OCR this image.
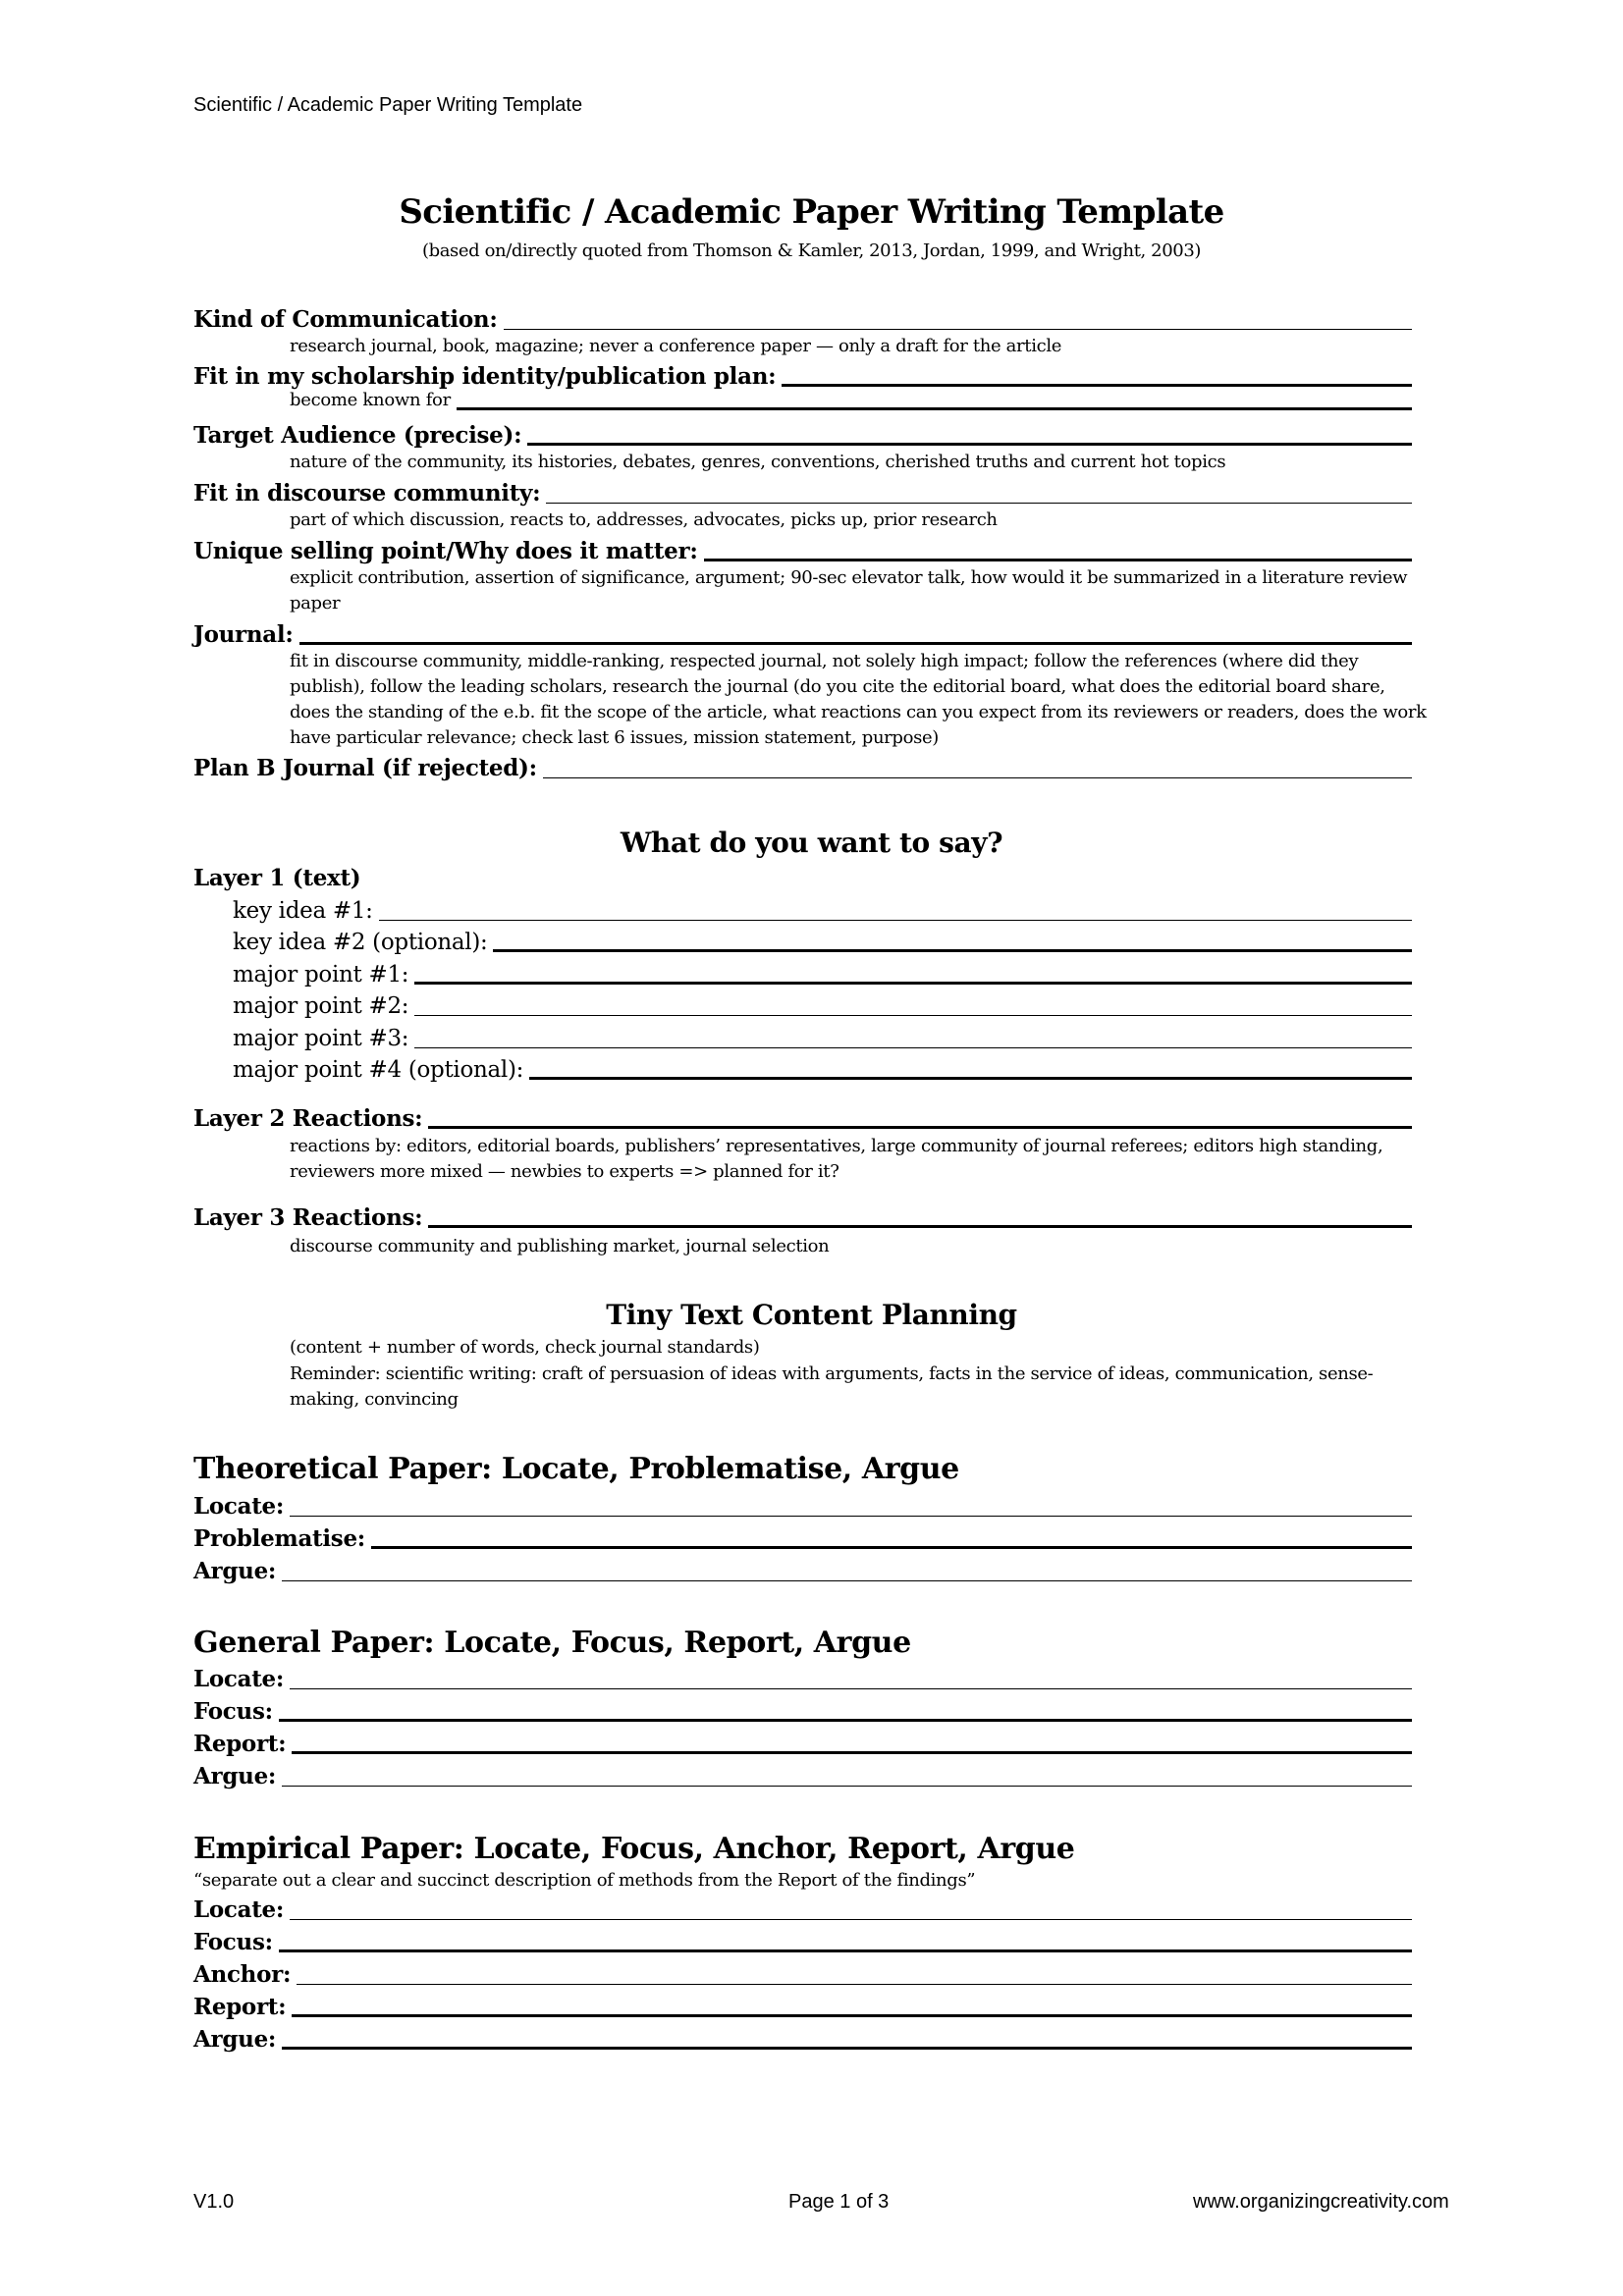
Scientific / Academic Paper Writing Template
Scientific / Academic Paper Writing Template
(based on/directly quoted from Thomson & Kamler, 2013, Jordan, 1999, and Wright, 2003)
Kind of Communication:
research journal, book, magazine; never a conference paper — only a draft for the article
Fit in my scholarship identity/publication plan:
become known for
Target Audience (precise):
nature of the community, its histories, debates, genres, conventions, cherished truths and current hot topics
Fit in discourse community:
part of which discussion, reacts to, addresses, advocates, picks up, prior research
Unique selling point/Why does it matter:
explicit contribution, assertion of significance, argument; 90-sec elevator talk, how would it be summarized in a literature review paper
Journal:
fit in discourse community, middle-ranking, respected journal, not solely high impact; follow the references (where did they publish), follow the leading scholars, research the journal (do you cite the editorial board, what does the editorial board share, does the standing of the e.b. fit the scope of the article, what reactions can you expect from its reviewers or readers, does the work have particular relevance; check last 6 issues, mission statement, purpose)
Plan B Journal (if rejected):
What do you want to say?
Layer 1 (text)
key idea #1:
key idea #2 (optional):
major point #1:
major point #2:
major point #3:
major point #4 (optional):
Layer 2 Reactions:
reactions by: editors, editorial boards, publishers’ representatives, large community of journal referees; editors high standing, reviewers more mixed — newbies to experts => planned for it?
Layer 3 Reactions:
discourse community and publishing market, journal selection
Tiny Text Content Planning
(content + number of words, check journal standards)
Reminder: scientific writing: craft of persuasion of ideas with arguments, facts in the service of ideas, communication, sense-making, convincing
Theoretical Paper: Locate, Problematise, Argue
Locate:
Problematise:
Argue:
General Paper: Locate, Focus, Report, Argue
Locate:
Focus:
Report:
Argue:
Empirical Paper: Locate, Focus, Anchor, Report, Argue
“separate out a clear and succinct description of methods from the Report of the findings”
Locate:
Focus:
Anchor:
Report:
Argue:
V1.0	Page 1 of 3	www.organizingcreativity.com
